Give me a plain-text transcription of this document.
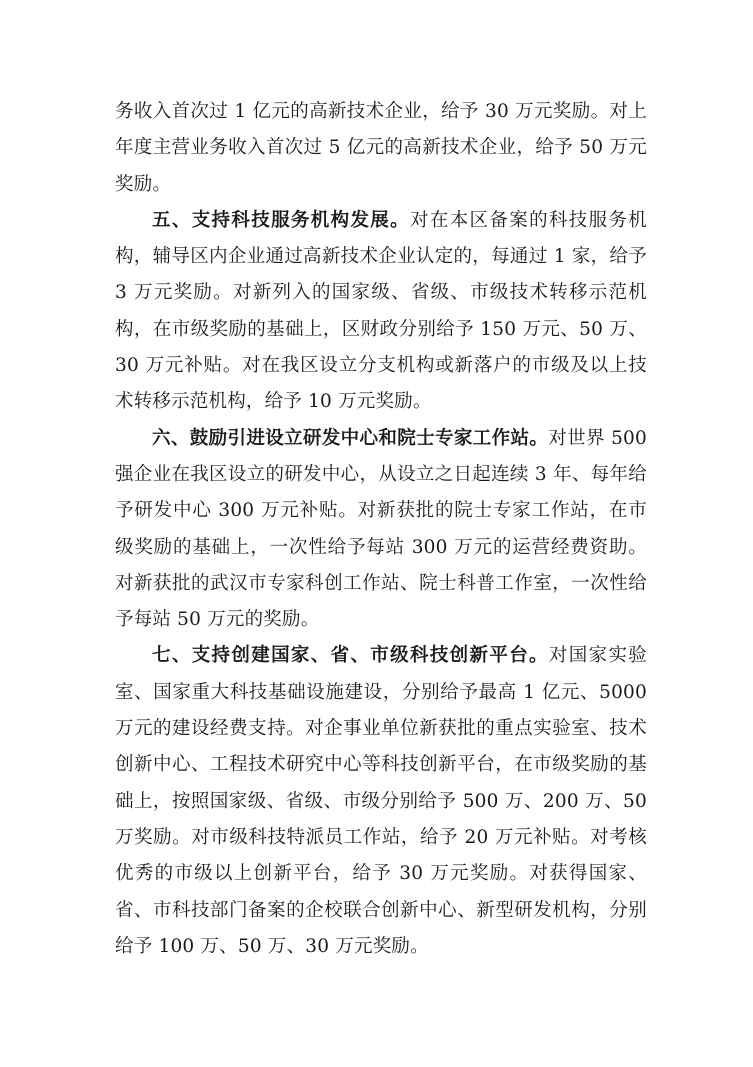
务收入首次过 1 亿元的高新技术企业，给予 30 万元奖励。对上年度主营业务收入首次过 5 亿元的高新技术企业，给予 50 万元奖励。

五、支持科技服务机构发展。对在本区备案的科技服务机构，辅导区内企业通过高新技术企业认定的，每通过 1 家，给予 3 万元奖励。对新列入的国家级、省级、市级技术转移示范机构，在市级奖励的基础上，区财政分别给予 150 万元、50 万、30 万元补贴。对在我区设立分支机构或新落户的市级及以上技术转移示范机构，给予 10 万元奖励。

六、鼓励引进设立研发中心和院士专家工作站。对世界 500 强企业在我区设立的研发中心，从设立之日起连续 3 年、每年给予研发中心 300 万元补贴。对新获批的院士专家工作站，在市级奖励的基础上，一次性给予每站 300 万元的运营经费资助。对新获批的武汉市专家科创工作站、院士科普工作室，一次性给予每站 50 万元的奖励。

七、支持创建国家、省、市级科技创新平台。对国家实验室、国家重大科技基础设施建设，分别给予最高 1 亿元、5000 万元的建设经费支持。对企事业单位新获批的重点实验室、技术创新中心、工程技术研究中心等科技创新平台，在市级奖励的基础上，按照国家级、省级、市级分别给予 500 万、200 万、50 万奖励。对市级科技特派员工作站，给予 20 万元补贴。对考核优秀的市级以上创新平台，给予 30 万元奖励。对获得国家、省、市科技部门备案的企校联合创新中心、新型研发机构，分别给予 100 万、50 万、30 万元奖励。
